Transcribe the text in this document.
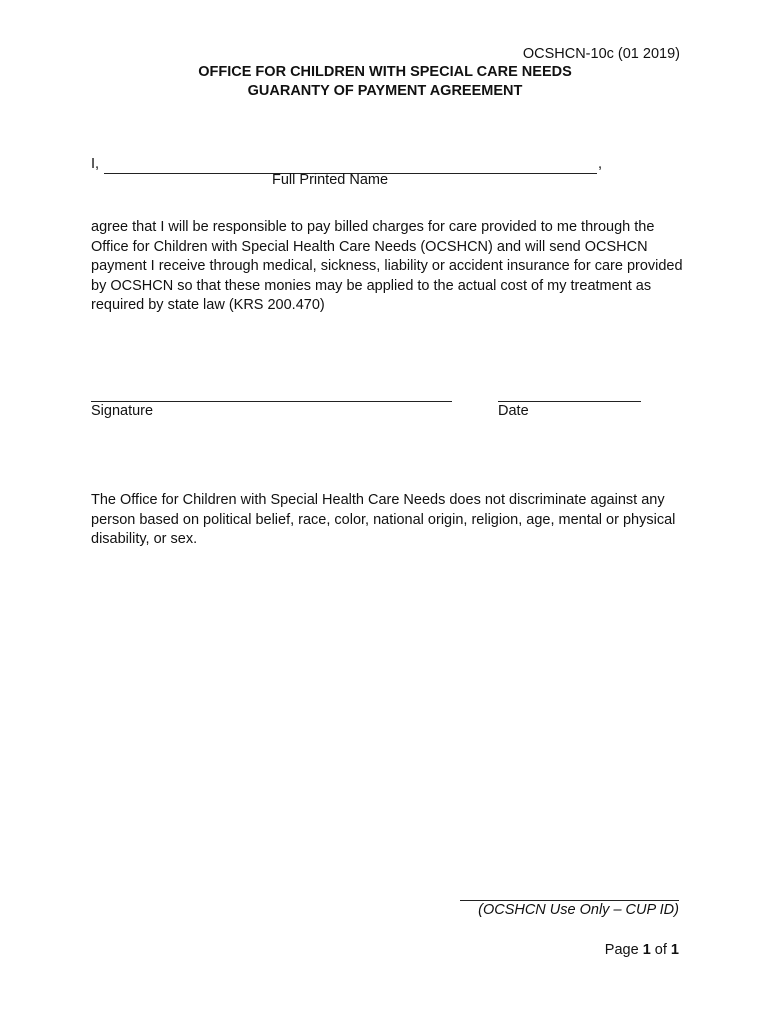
OCSHCN-10c (01 2019)
OFFICE FOR CHILDREN WITH SPECIAL CARE NEEDS
GUARANTY OF PAYMENT AGREEMENT
I,	,
Full Printed Name
agree that I will be responsible to pay billed charges for care provided to me through the Office for Children with Special Health Care Needs (OCSHCN) and will send OCSHCN payment I receive through medical, sickness, liability or accident insurance for care provided by OCSHCN so that these monies may be applied to the actual cost of my treatment as required by state law (KRS 200.470)
Signature	Date
The Office for Children with Special Health Care Needs does not discriminate against any person based on political belief, race, color, national origin, religion, age, mental or physical disability, or sex.
(OCSHCN Use Only – CUP ID)
Page 1 of 1
